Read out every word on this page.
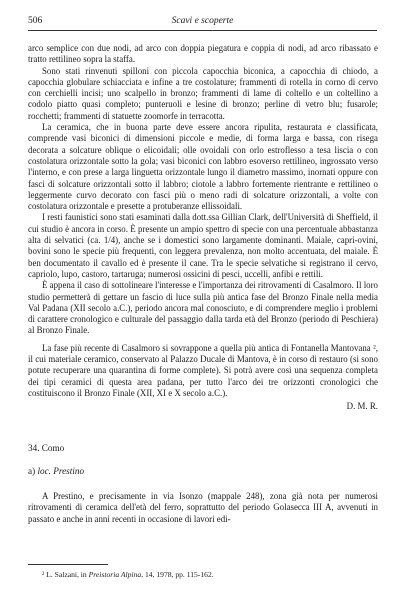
506	Scavi e scoperte

arco semplice con due nodi, ad arco con doppia piegatura e coppia di nodi, ad arco ribassato e tratto rettilineo sopra la staffa.

Sono stati rinvenuti spilloni con piccola capocchia biconica, a capocchia di chiodo, a capocchia globulare schiacciata e infine a tre costolature; frammenti di rotella in corno di cervo con cerchielli incisi; uno scalpello in bronzo; frammenti di lame di coltello e un coltellino a codolo piatto quasi completo; punteruoli e lesine di bronzo; perline di vetro blu; fusarole; rocchetti; frammenti di statuette zoomorfe in terracotta.

La ceramica, che in buona parte deve essere ancora ripulita, restaurata e classificata, comprende vasi biconici di dimensioni piccole e medie, di forma larga e bassa, con risega decorata a solcature oblique o elicoidali; olle ovoidali con orlo estroflesso a tesa liscia o con costolatura orizzontale sotto la gola; vasi biconici con labbro esoverso rettilineo, ingrossato verso l'interno, e con prese a larga linguetta orizzontale lungo il diametro massimo, inornati oppure con fasci di solcature orizzontali sotto il labbro; ciotole a labbro fortemente rientrante e rettilineo o leggermente curvo decorato con fasci più o meno radi di solcature orizzontali, a volte con costolatura orizzontale e presette a protuberanze ellissoidali.

I resti faunistici sono stati esaminati dalla dott.ssa Gillian Clark, dell'Università di Sheffield, il cui studio è ancora in corso. È presente un ampio spettro di specie con una percentuale abbastanza alta di selvatici (ca. 1/4), anche se i domestici sono largamente dominanti. Maiale, capri-ovini, bovini sono le specie più frequenti, con leggera prevalenza, non molto accentuata, del maiale. È ben documentato il cavallo ed è presente il cane. Tra le specie selvatiche si registrano il cervo, capriolo, lupo, castoro, tartaruga; numerosi ossicini di pesci, uccelli, anfibi e rettili.

È appena il caso di sottolineare l'interesse e l'importanza dei ritrovamenti di Casalmoro. Il loro studio permetterà di gettare un fascio di luce sulla più antica fase del Bronzo Finale nella media Val Padana (XII secolo a.C.), periodo ancora mal conosciuto, e di comprendere meglio i problemi di carattere cronologico e culturale del passaggio dalla tarda età del Bronzo (periodo di Peschiera) al Bronzo Finale.

La fase più recente di Casalmoro si sovrappone a quella più antica di Fontanella Mantovana ², il cui materiale ceramico, conservato al Palazzo Ducale di Mantova, è in corso di restauro (si sono potute recuperare una quarantina di forme complete). Si potrà avere così una sequenza completa dei tipi ceramici di questa area padana, per tutto l'arco dei tre orizzonti cronologici che costituiscono il Bronzo Finale (XII, XI e X secolo a.C.).

D. M. R.
34. Como
a) loc. Prestino

A Prestino, e precisamente in via Isonzo (mappale 248), zona già nota per numerosi ritrovamenti di ceramica dell'età del ferro, soprattutto del periodo Golasecca III A, avvenuti in passato e anche in anni recenti in occasione di lavori edi-

² L. Salzani, in Preistoria Alpina, 14, 1978, pp. 115-162.
